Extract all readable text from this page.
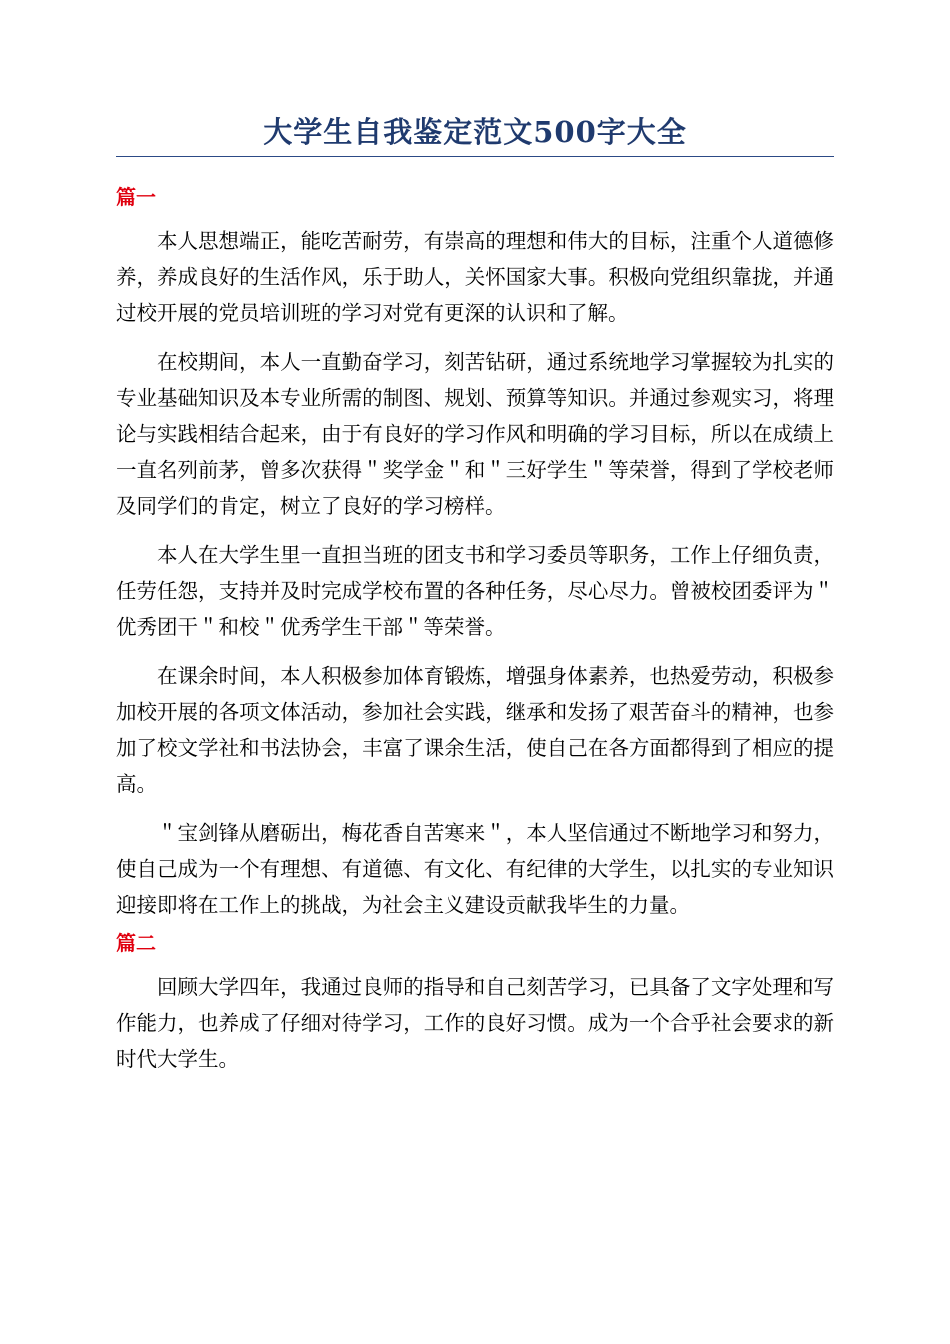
大学生自我鉴定范文500字大全
篇一

本人思想端正，能吃苦耐劳，有崇高的理想和伟大的目标，注重个人道德修养，养成良好的生活作风，乐于助人，关怀国家大事。积极向党组织靠拢，并通过校开展的党员培训班的学习对党有更深的认识和了解。

在校期间，本人一直勤奋学习，刻苦钻研，通过系统地学习掌握较为扎实的专业基础知识及本专业所需的制图、规划、预算等知识。并通过参观实习，将理论与实践相结合起来，由于有良好的学习作风和明确的学习目标，所以在成绩上一直名列前茅，曾多次获得＂奖学金＂和＂三好学生＂等荣誉，得到了学校老师及同学们的肯定，树立了良好的学习榜样。

本人在大学生里一直担当班的团支书和学习委员等职务，工作上仔细负责，任劳任怨，支持并及时完成学校布置的各种任务，尽心尽力。曾被校团委评为＂优秀团干＂和校＂优秀学生干部＂等荣誉。

在课余时间，本人积极参加体育锻炼，增强身体素养，也热爱劳动，积极参加校开展的各项文体活动，参加社会实践，继承和发扬了艰苦奋斗的精神，也参加了校文学社和书法协会，丰富了课余生活，使自己在各方面都得到了相应的提高。

＂宝剑锋从磨砺出，梅花香自苦寒来＂，本人坚信通过不断地学习和努力，使自己成为一个有理想、有道德、有文化、有纪律的大学生，以扎实的专业知识迎接即将在工作上的挑战，为社会主义建设贡献我毕生的力量。

篇二

回顾大学四年，我通过良师的指导和自己刻苦学习，已具备了文字处理和写作能力，也养成了仔细对待学习，工作的良好习惯。成为一个合乎社会要求的新时代大学生。
